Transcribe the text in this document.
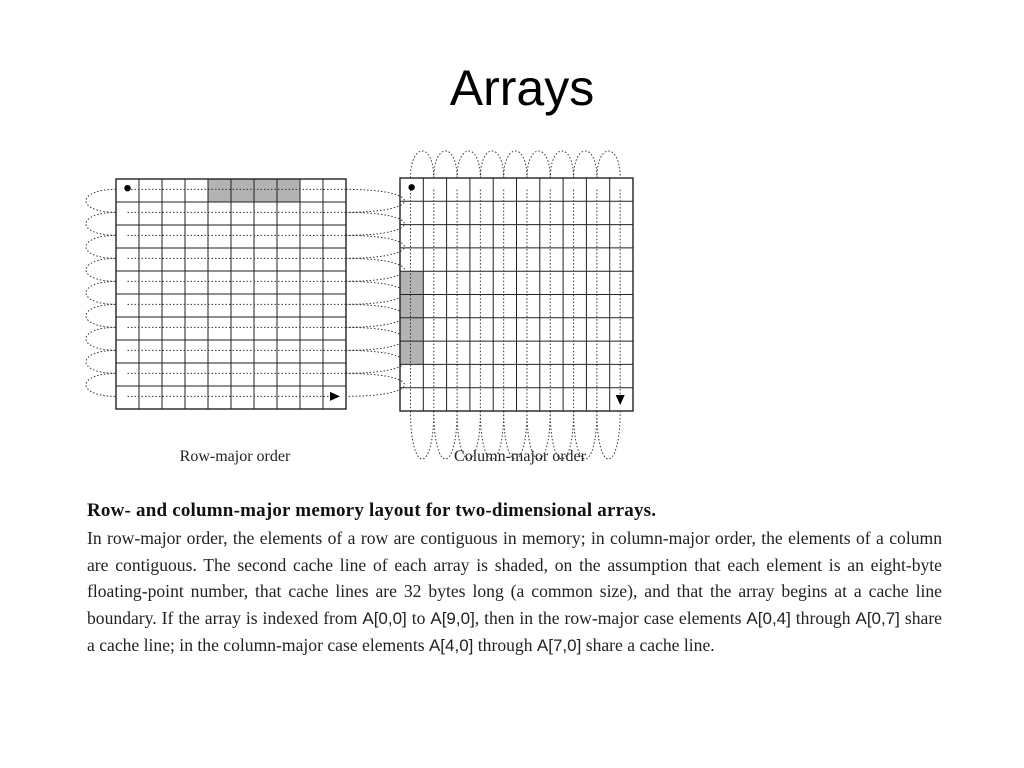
Arrays
Row-major order	Column-major order

Row- and column-major memory layout for two-dimensional arrays.

In row-major order, the elements of a row are contiguous in memory; in column-major order, the elements of a column are contiguous. The second cache line of each array is shaded, on the assumption that each element is an eight-byte floating-point number, that cache lines are 32 bytes long (a common size), and that the array begins at a cache line boundary. If the array is indexed from A[0,0] to A[9,0], then in the row-major case elements A[0,4] through A[0,7] share a cache line; in the column-major case elements A[4,0] through A[7,0] share a cache line.
